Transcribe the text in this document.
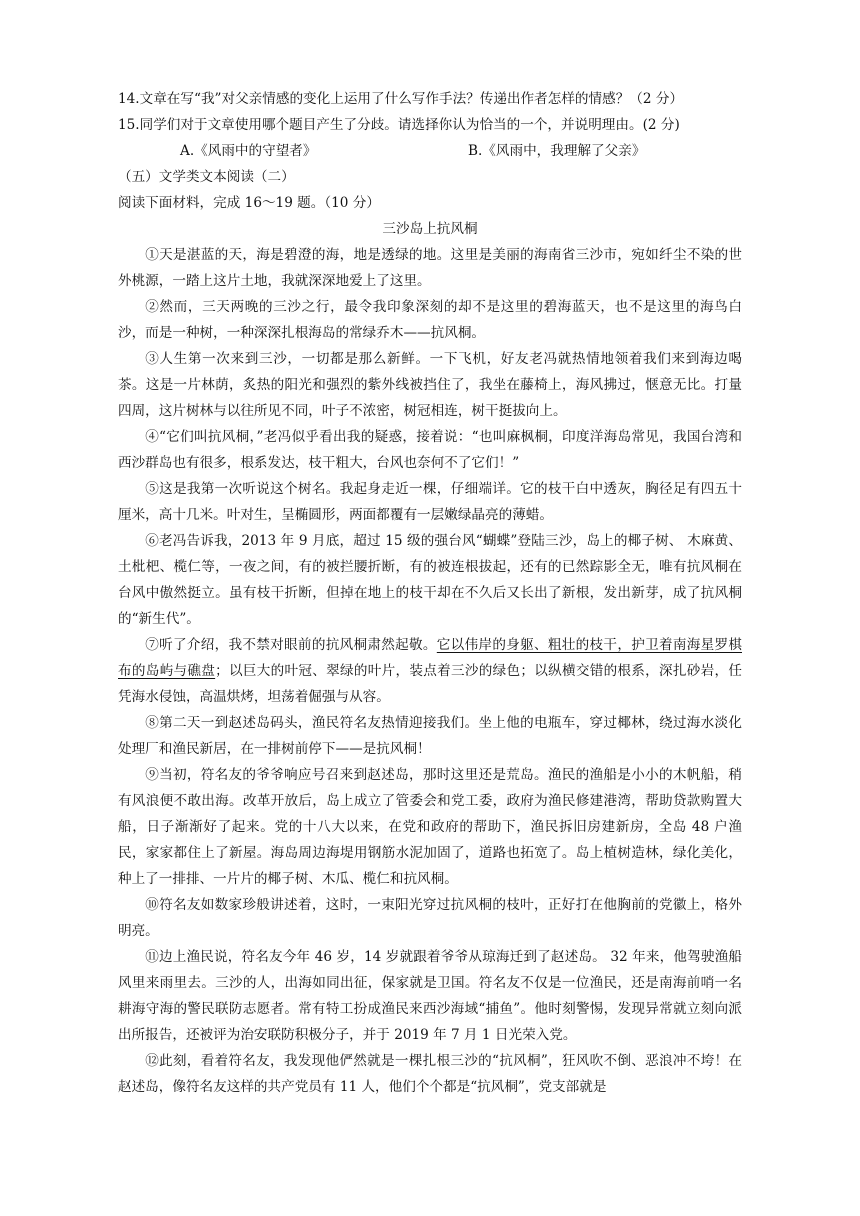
14.文章在写“我”对父亲情感的变化上运用了什么写作手法？传递出作者怎样的情感？（2 分）

15.同学们对于文章使用哪个题目产生了分歧。请选择你认为恰当的一个，并说明理由。(2 分)

A.《风雨中的守望者》	B.《风雨中，我理解了父亲》

（五）文学类文本阅读（二）

阅读下面材料，完成 16～19 题。（10 分）

三沙岛上抗风桐

①天是湛蓝的天，海是碧澄的海，地是透绿的地。这里是美丽的海南省三沙市，宛如纤尘不染的世外桃源，一踏上这片土地，我就深深地爱上了这里。

②然而，三天两晚的三沙之行，最令我印象深刻的却不是这里的碧海蓝天，也不是这里的海鸟白沙，而是一种树，一种深深扎根海岛的常绿乔木——抗风桐。

③人生第一次来到三沙，一切都是那么新鲜。一下飞机，好友老冯就热情地领着我们来到海边喝茶。这是一片林荫，炙热的阳光和强烈的紫外线被挡住了，我坐在藤椅上，海风拂过，惬意无比。打量四周，这片树林与以往所见不同，叶子不浓密，树冠相连，树干挺拔向上。

④“它们叫抗风桐，”老冯似乎看出我的疑惑，接着说：“也叫麻枫桐，印度洋海岛常见，我国台湾和西沙群岛也有很多，根系发达，枝干粗大，台风也奈何不了它们！”

⑤这是我第一次听说这个树名。我起身走近一棵，仔细端详。它的枝干白中透灰，胸径足有四五十厘米，高十几米。叶对生，呈椭圆形，两面都覆有一层嫩绿晶亮的薄蜡。

⑥老冯告诉我，2013 年 9 月底，超过 15 级的强台风“蝴蝶”登陆三沙，岛上的椰子树、 木麻黄、土枇杷、榄仁等，一夜之间，有的被拦腰折断，有的被连根拔起，还有的已然踪影全无，唯有抗风桐在台风中傲然挺立。虽有枝干折断，但掉在地上的枝干却在不久后又长出了新根，发出新芽，成了抗风桐的“新生代”。

⑦听了介绍，我不禁对眼前的抗风桐肃然起敬。它以伟岸的身躯、粗壮的枝干，护卫着南海星罗棋布的岛屿与礁盘；以巨大的叶冠、翠绿的叶片，装点着三沙的绿色；以纵横交错的根系，深扎砂岩，任凭海水侵蚀，高温烘烤，坦荡着倔强与从容。

⑧第二天一到赵述岛码头，渔民符名友热情迎接我们。坐上他的电瓶车，穿过椰林，绕过海水淡化处理厂和渔民新居，在一排树前停下——是抗风桐！

⑨当初，符名友的爷爷响应号召来到赵述岛，那时这里还是荒岛。渔民的渔船是小小的木帆船，稍有风浪便不敢出海。改革开放后，岛上成立了管委会和党工委，政府为渔民修建港湾，帮助贷款购置大船，日子渐渐好了起来。党的十八大以来，在党和政府的帮助下，渔民拆旧房建新房，全岛 48 户渔民，家家都住上了新屋。海岛周边海堤用钢筋水泥加固了，道路也拓宽了。岛上植树造林，绿化美化，种上了一排排、一片片的椰子树、木瓜、榄仁和抗风桐。

⑩符名友如数家珍般讲述着，这时，一束阳光穿过抗风桐的枝叶，正好打在他胸前的党徽上，格外明亮。

⑪边上渔民说，符名友今年 46 岁，14 岁就跟着爷爷从琼海迁到了赵述岛。 32 年来，他驾驶渔船风里来雨里去。三沙的人，出海如同出征，保家就是卫国。符名友不仅是一位渔民，还是南海前哨一名耕海守海的警民联防志愿者。常有特工扮成渔民来西沙海域“捕鱼”。他时刻警惕，发现异常就立刻向派出所报告，还被评为治安联防积极分子，并于 2019 年 7 月 1 日光荣入党。

⑫此刻，看着符名友，我发现他俨然就是一棵扎根三沙的“抗风桐”，狂风吹不倒、恶浪冲不垮！在赵述岛，像符名友这样的共产党员有 11 人，他们个个都是“抗风桐”，党支部就是
